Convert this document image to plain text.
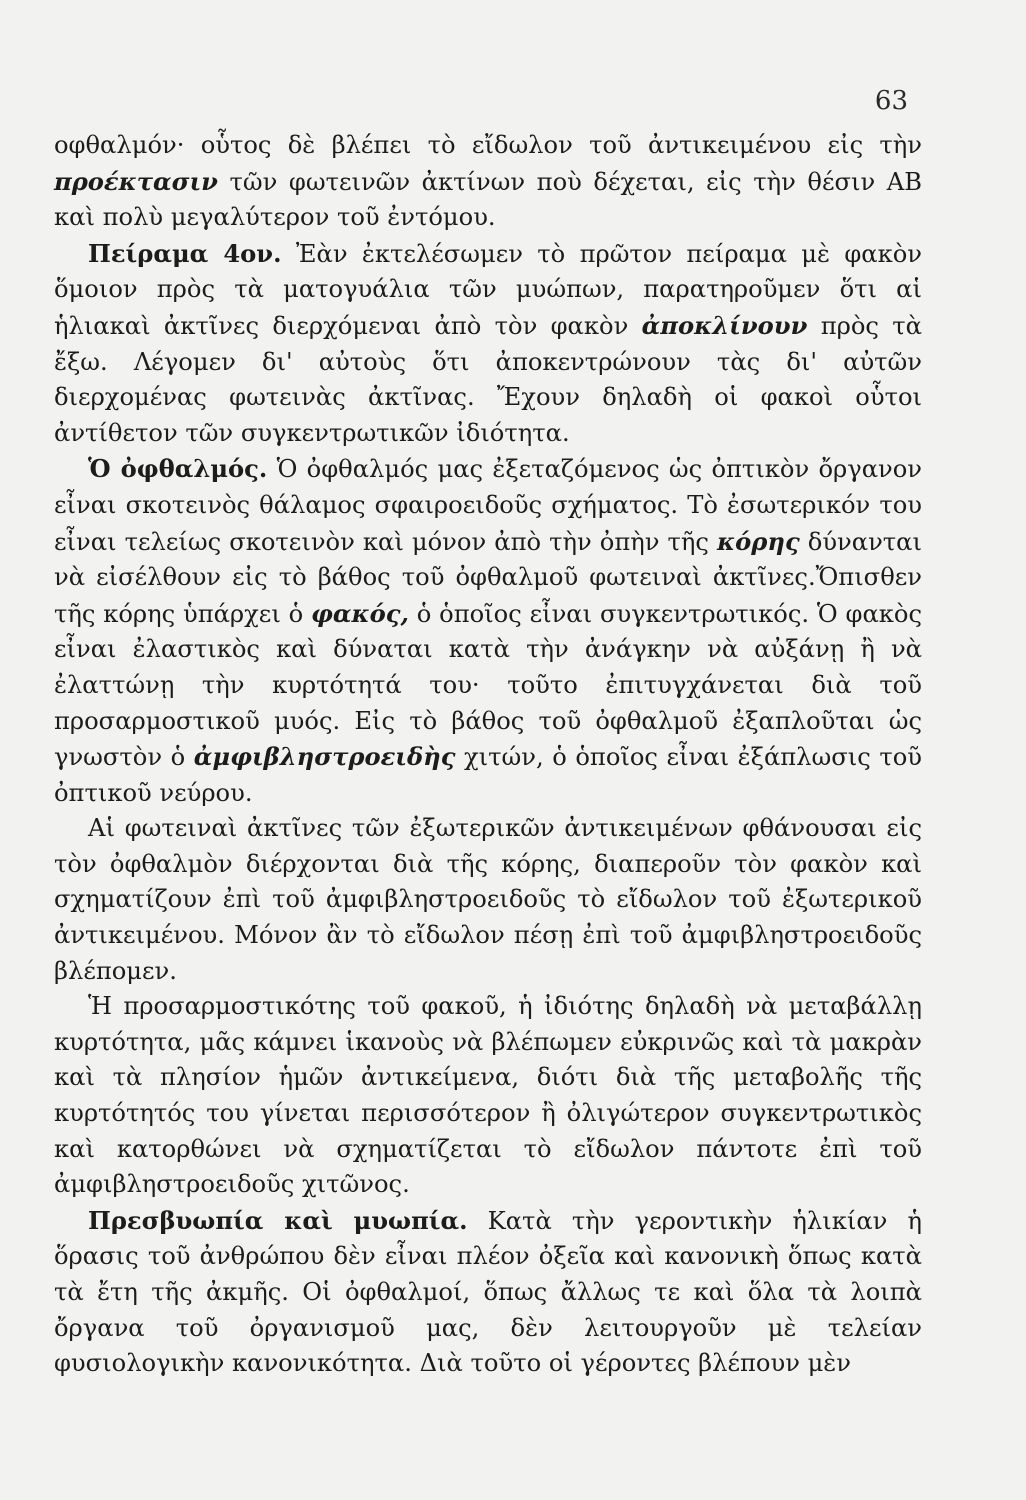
63

οφθαλμόν· οὗτος δὲ βλέπει τὸ εἴδωλον τοῦ ἀντικειμένου εἰς τὴν προέκτασιν τῶν φωτεινῶν ἀκτίνων ποὺ δέχεται, εἰς τὴν θέσιν ΑΒ καὶ πολὺ μεγαλύτερον τοῦ ἐντόμου.

Πείραμα 4ον. Ἐὰν ἐκτελέσωμεν τὸ πρῶτον πείραμα μὲ φακὸν ὅμοιον πρὸς τὰ ματογυάλια τῶν μυώπων, παρατηροῦμεν ὅτι αἱ ἡλιακαὶ ἀκτῖνες διερχόμεναι ἀπὸ τὸν φακὸν ἀποκλίνουν πρὸς τὰ ἔξω. Λέγομεν δι' αὐτοὺς ὅτι ἀποκεντρώνουν τὰς δι' αὐτῶν διερχομένας φωτεινὰς ἀκτῖνας. Ἔχουν δηλαδὴ οἱ φακοὶ οὗτοι ἀντίθετον τῶν συγκεντρωτικῶν ἰδιότητα.

Ὁ ὀφθαλμός. Ὁ ὀφθαλμός μας ἐξεταζόμενος ὡς ὀπτικὸν ὄργανον εἶναι σκοτεινὸς θάλαμος σφαιροειδοῦς σχήματος. Τὸ ἐσωτερικόν του εἶναι τελείως σκοτεινὸν καὶ μόνον ἀπὸ τὴν ὀπὴν τῆς κόρης δύνανται νὰ εἰσέλθουν εἰς τὸ βάθος τοῦ ὀφθαλμοῦ φωτειναὶ ἀκτῖνες.Ὄπισθεν τῆς κόρης ὑπάρχει ὁ φακός, ὁ ὁποῖος εἶναι συγκεντρωτικός. Ὁ φακὸς εἶναι ἐλαστικὸς καὶ δύναται κατὰ τὴν ἀνάγκην νὰ αὐξάνῃ ἢ νὰ ἐλαττώνῃ τὴν κυρτότητά του· τοῦτο ἐπιτυγχάνεται διὰ τοῦ προσαρμοστικοῦ μυός. Εἰς τὸ βάθος τοῦ ὀφθαλμοῦ ἐξαπλοῦται ὡς γνωστὸν ὁ ἀμφιβληστροειδὴς χιτών, ὁ ὁποῖος εἶναι ἐξάπλωσις τοῦ ὀπτικοῦ νεύρου.

Αἱ φωτειναὶ ἀκτῖνες τῶν ἐξωτερικῶν ἀντικειμένων φθάνουσαι εἰς τὸν ὀφθαλμὸν διέρχονται διὰ τῆς κόρης, διαπεροῦν τὸν φακὸν καὶ σχηματίζουν ἐπὶ τοῦ ἀμφιβληστροειδοῦς τὸ εἴδωλον τοῦ ἐξωτερικοῦ ἀντικειμένου. Μόνον ἂν τὸ εἴδωλον πέσῃ ἐπὶ τοῦ ἀμφιβληστροειδοῦς βλέπομεν.

Ἡ προσαρμοστικότης τοῦ φακοῦ, ἡ ἰδιότης δηλαδὴ νὰ μεταβάλλῃ κυρτότητα, μᾶς κάμνει ἱκανοὺς νὰ βλέπωμεν εὐκρινῶς καὶ τὰ μακρὰν καὶ τὰ πλησίον ἡμῶν ἀντικείμενα, διότι διὰ τῆς μεταβολῆς τῆς κυρτότητός του γίνεται περισσότερον ἢ ὀλιγώτερον συγκεντρωτικὸς καὶ κατορθώνει νὰ σχηματίζεται τὸ εἴδωλον πάντοτε ἐπὶ τοῦ ἀμφιβληστροειδοῦς χιτῶνος.

Πρεσβυωπία καὶ μυωπία. Κατὰ τὴν γεροντικὴν ἡλικίαν ἡ ὅρασις τοῦ ἀνθρώπου δὲν εἶναι πλέον ὀξεῖα καὶ κανονικὴ ὅπως κατὰ τὰ ἔτη τῆς ἀκμῆς. Οἱ ὀφθαλμοί, ὅπως ἄλλως τε καὶ ὅλα τὰ λοιπὰ ὄργανα τοῦ ὀργανισμοῦ μας, δὲν λειτουργοῦν μὲ τελείαν φυσιολογικὴν κανονικότητα. Διὰ τοῦτο οἱ γέροντες βλέπουν μὲν
